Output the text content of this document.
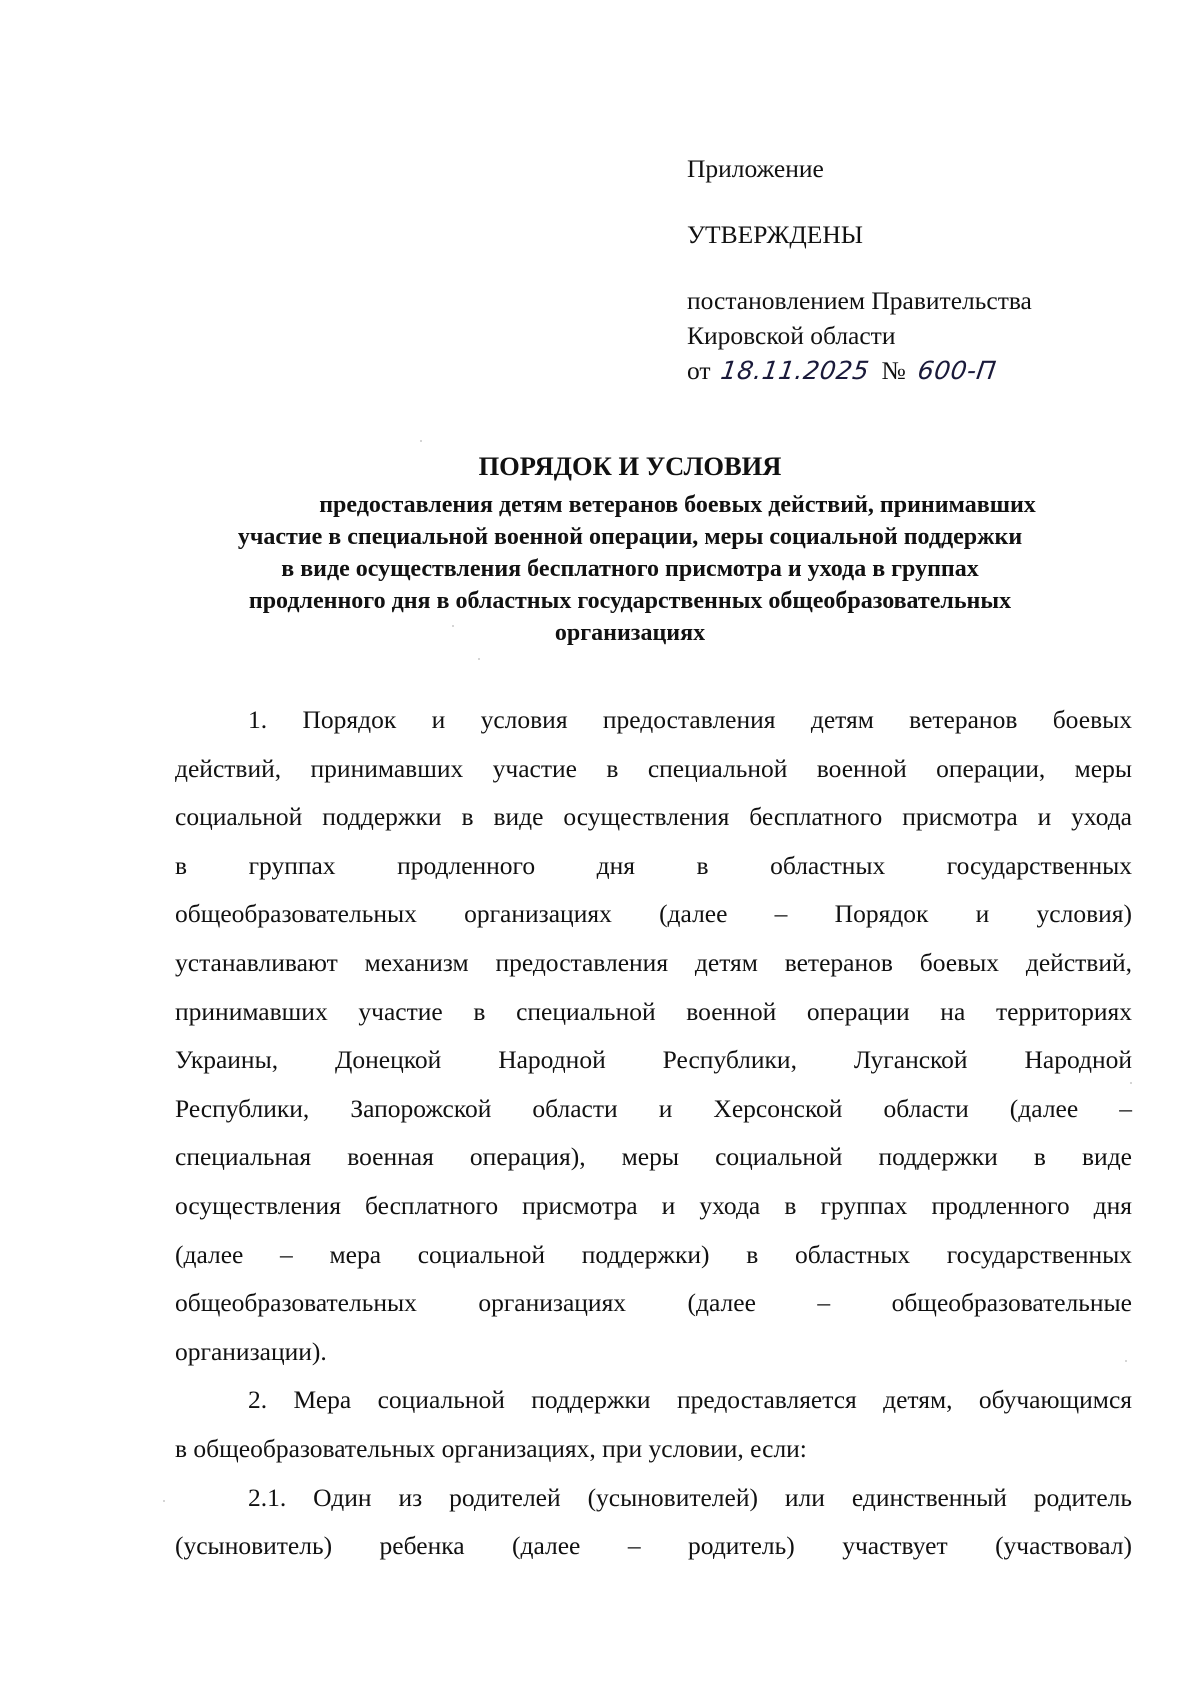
Приложение
УТВЕРЖДЕНЫ
постановлением Правительства
Кировской области
от 18.11.2025 № 600-П
ПОРЯДОК И УСЛОВИЯ
предоставления детям ветеранов боевых действий, принимавших
участие в специальной военной операции, меры социальной поддержки
в виде осуществления бесплатного присмотра и ухода в группах
продленного дня в областных государственных общеобразовательных
организациях
1. Порядок и условия предоставления детям ветеранов боевых
действий, принимавших участие в специальной военной операции, меры
социальной поддержки в виде осуществления бесплатного присмотра и ухода
в группах продленного дня в областных государственных
общеобразовательных организациях (далее – Порядок и условия)
устанавливают механизм предоставления детям ветеранов боевых действий,
принимавших участие в специальной военной операции на территориях
Украины, Донецкой Народной Республики, Луганской Народной
Республики, Запорожской области и Херсонской области (далее –
специальная военная операция), меры социальной поддержки в виде
осуществления бесплатного присмотра и ухода в группах продленного дня
(далее – мера социальной поддержки) в областных государственных
общеобразовательных организациях (далее – общеобразовательные
организации).
2. Мера социальной поддержки предоставляется детям, обучающимся
в общеобразовательных организациях, при условии, если:
2.1. Один из родителей (усыновителей) или единственный родитель
(усыновитель) ребенка (далее – родитель) участвует (участвовал)
